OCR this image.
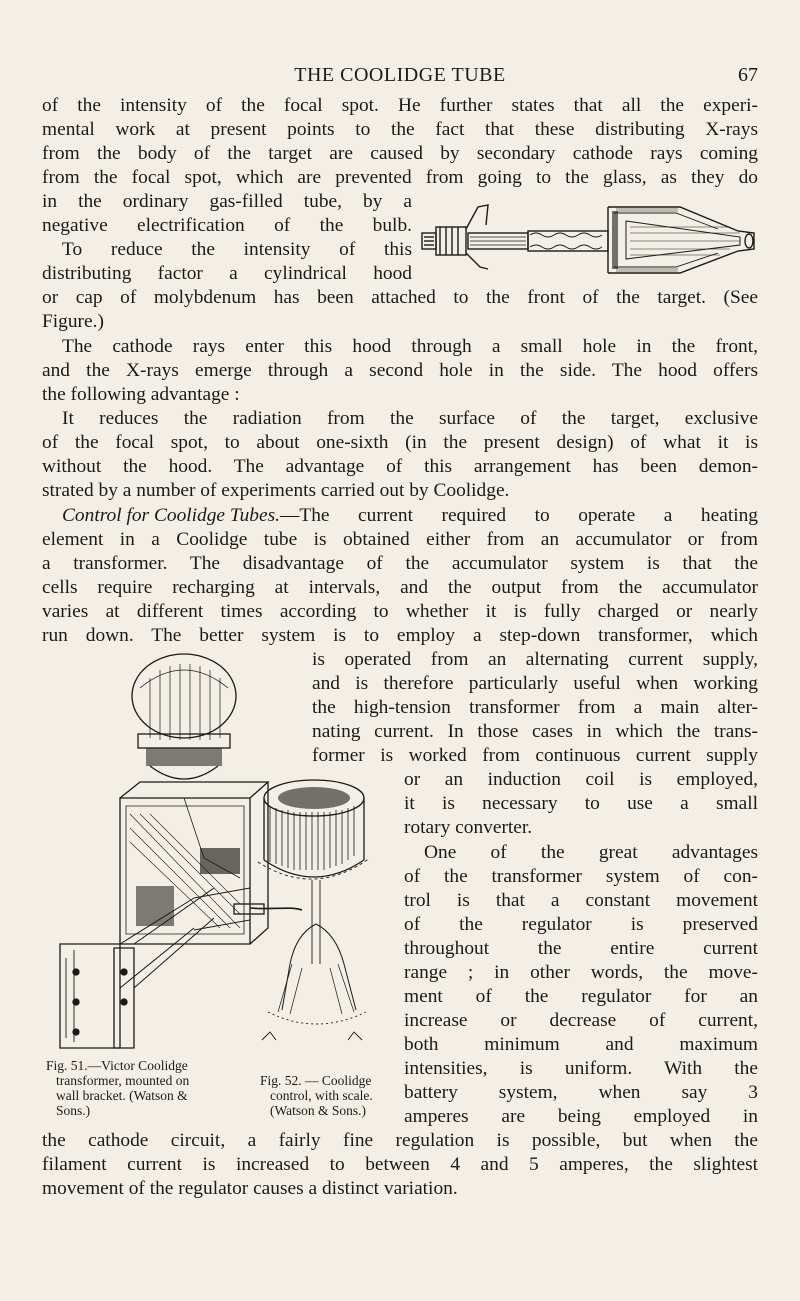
THE COOLIDGE TUBE	67
of the intensity of the focal spot. He further states that all the experi-
mental work at present points to the fact that these distributing X-rays
from the body of the target are caused by secondary cathode rays coming
from the focal spot, which are prevented from going to the glass, as they do
in the ordinary gas-filled tube, by a
negative electrification of the bulb.
To reduce the intensity of this
distributing factor a cylindrical hood
or cap of molybdenum has been attached to the front of the target. (See
Figure.)
The cathode rays enter this hood through a small hole in the front,
and the X-rays emerge through a second hole in the side. The hood offers
the following advantage :
It reduces the radiation from the surface of the target, exclusive
of the focal spot, to about one-sixth (in the present design) of what it is
without the hood. The advantage of this arrangement has been demon-
strated by a number of experiments carried out by Coolidge.
Control for Coolidge Tubes. —The current required to operate a heating
element in a Coolidge tube is obtained either from an accumulator or from
a transformer. The disadvantage of the accumulator system is that the
cells require recharging at intervals, and the output from the accumulator
varies at different times according to whether it is fully charged or nearly
run down. The better system is to employ a step-down transformer, which
is operated from an alternating current supply,
and is therefore particularly useful when working
the high-tension transformer from a main alter-
nating current. In those cases in which the trans-
former is worked from continuous current supply
or an induction coil is employed,
it is necessary to use a small
rotary converter.
One of the great advantages
of the transformer system of con-
trol is that a constant movement
of the regulator is preserved
throughout the entire current
range ; in other words, the move-
ment of the regulator for an
increase or decrease of current,
both minimum and maximum
intensities, is uniform. With the
battery system, when say 3
amperes are being employed in
the cathode circuit, a fairly fine regulation is possible, but when the
filament current is increased to between 4 and 5 amperes, the slightest
movement of the regulator causes a distinct variation.
Fig. 51.—Victor Coolidge
transformer, mounted on
wall bracket. (Watson &
Sons.)
Fig. 52. — Coolidge
control, with scale.
(Watson & Sons.)
